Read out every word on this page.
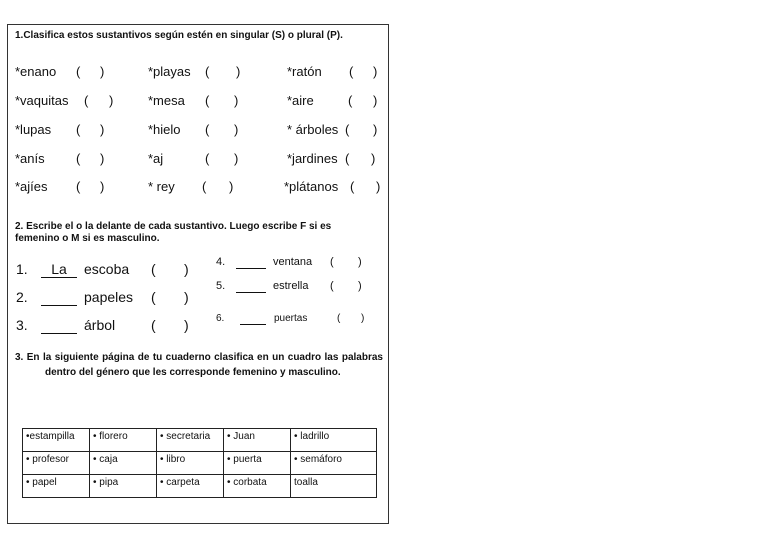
1.Clasifica estos sustantivos según estén en singular (S) o plural (P).
*enano ( )	*playas ( )	*ratón ( )
*vaquitas ( )	*mesa ( )	*aire	( )
*lupas ( )	*hielo ( )	* árboles ( )
*anís ( )	*aj	( )	*jardines ( )
*ajíes ( )	* rey ( )	*plátanos ( )
2. Escribe el o la delante de cada sustantivo. Luego escribe F si es
femenino o M si es masculino.
1.	La	escoba ( )
2.	papeles ( )
3.	árbol	( )
4.	ventana ( )
5.	estrella ( )
6.	puertas	( )
3. En la siguiente página de tu cuaderno clasifica en un cuadro las palabras dentro del género que les corresponde femenino y masculino.
•estampilla	• florero	• secretaria	• Juan	• ladrillo
• profesor	• caja	• libro	• puerta	• semáforo
• papel	• pipa	• carpeta	• corbata	toalla
